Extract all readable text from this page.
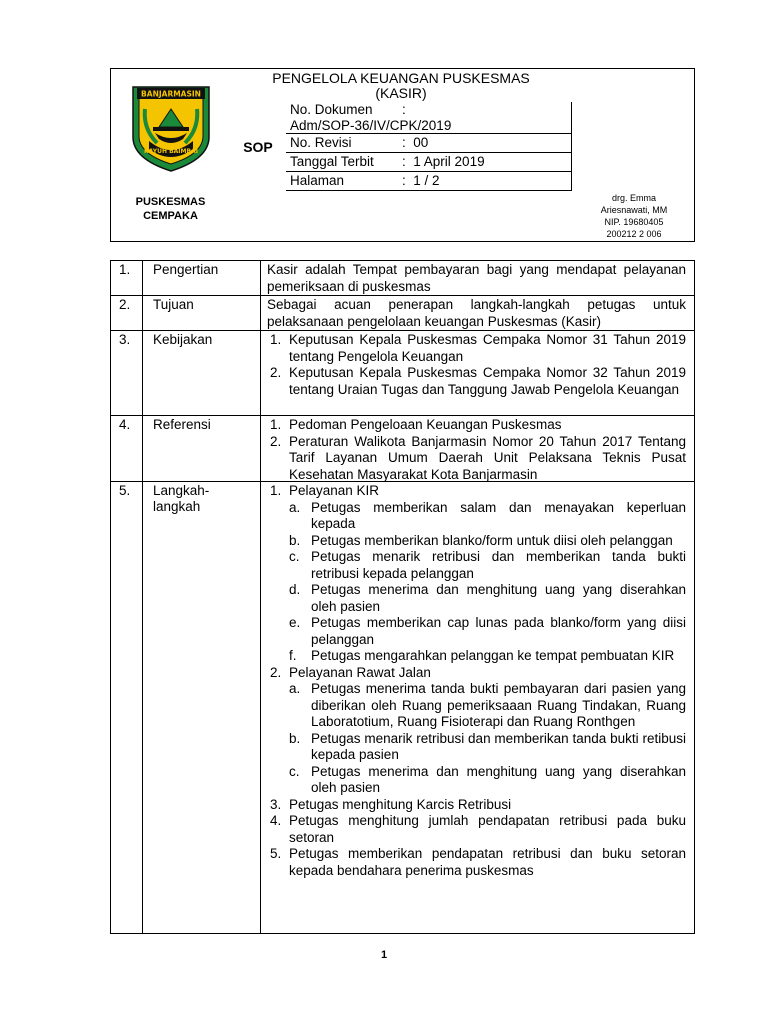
BANJARMASIN
KAYUH BAIMBAI
PENGELOLA KEUANGAN PUSKESMAS
(KASIR)
SOP
No. Dokumen :
Adm/SOP-36/IV/CPK/2019
No. Revisi	: 00
Tanggal Terbit : 1 April 2019
Halaman	: 1 / 2
PUSKESMAS
CEMPAKA
drg. Emma
Ariesnawati, MM
NIP. 19680405
200212 2 006
1.	Pengertian	Kasir adalah Tempat pembayaran bagi yang mendapat pelayanan pemeriksaan di puskesmas
2.	Tujuan	Sebagai acuan penerapan langkah-langkah petugas untuk pelaksanaan pengelolaan keuangan Puskesmas (Kasir)
3.	Kebijakan	1. Keputusan Kepala Puskesmas Cempaka Nomor 31 Tahun 2019 tentang Pengelola Keuangan
2. Keputusan Kepala Puskesmas Cempaka Nomor 32 Tahun 2019 tentang Uraian Tugas dan Tanggung Jawab Pengelola Keuangan
4.	Referensi	1. Pedoman Pengeloaan Keuangan Puskesmas
2. Peraturan Walikota Banjarmasin Nomor 20 Tahun 2017 Tentang Tarif Layanan Umum Daerah Unit Pelaksana Teknis Pusat Kesehatan Masyarakat Kota Banjarmasin
5.	Langkah-
langkah
1. Pelayanan KIR
a. Petugas memberikan salam dan menayakan keperluan kepada
b. Petugas memberikan blanko/form untuk diisi oleh pelanggan
c. Petugas menarik retribusi dan memberikan tanda bukti retribusi kepada pelanggan
d. Petugas menerima dan menghitung uang yang diserahkan oleh pasien
e. Petugas memberikan cap lunas pada blanko/form yang diisi pelanggan
f. Petugas mengarahkan pelanggan ke tempat pembuatan KIR
2. Pelayanan Rawat Jalan
a. Petugas menerima tanda bukti pembayaran dari pasien yang diberikan oleh Ruang pemeriksaaan Ruang Tindakan, Ruang Laboratotium, Ruang Fisioterapi dan Ruang Ronthgen
b. Petugas menarik retribusi dan memberikan tanda bukti retibusi kepada pasien
c. Petugas menerima dan menghitung uang yang diserahkan oleh pasien
3. Petugas menghitung Karcis Retribusi
4. Petugas menghitung jumlah pendapatan retribusi pada buku setoran
5. Petugas memberikan pendapatan retribusi dan buku setoran kepada bendahara penerima puskesmas
1
